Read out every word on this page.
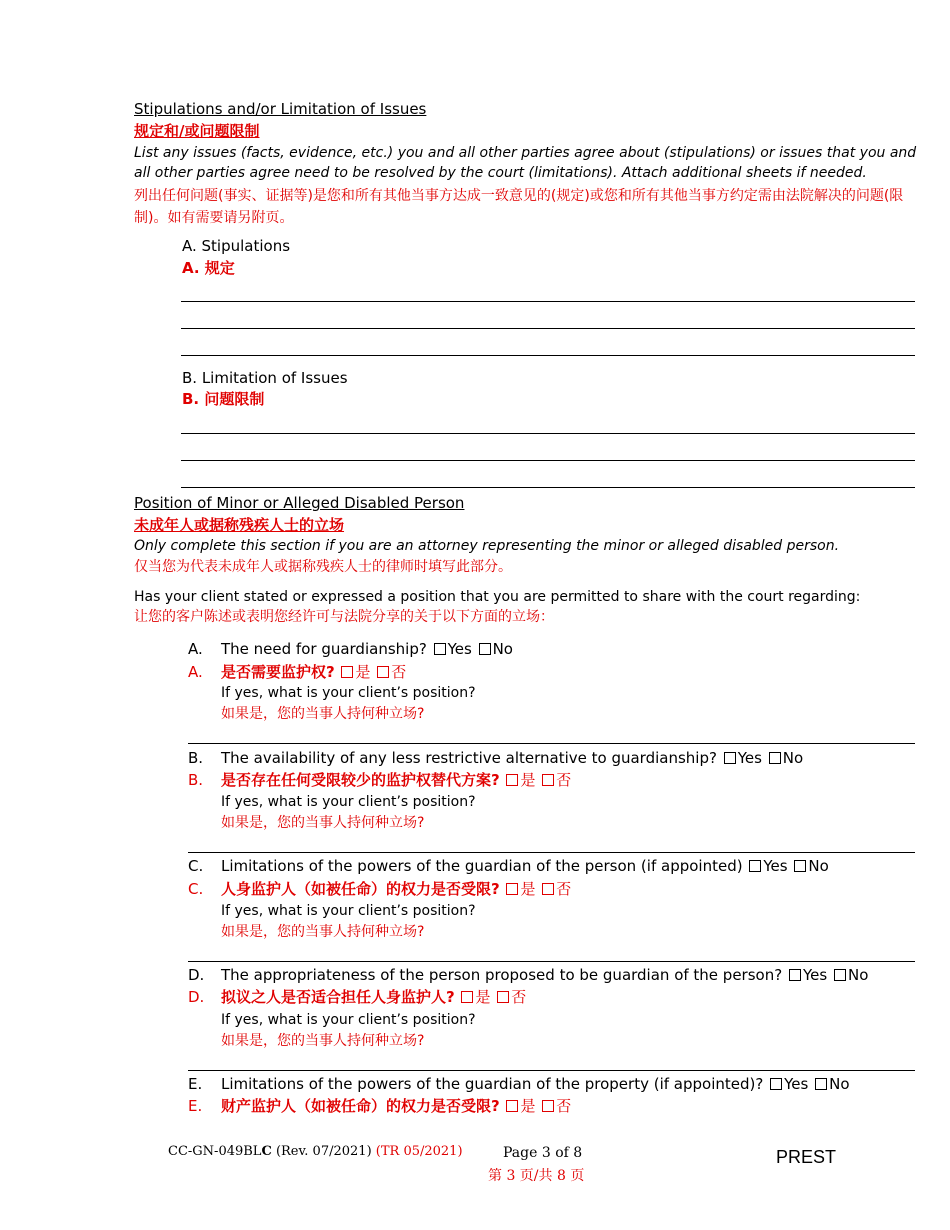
Stipulations and/or Limitation of Issues
规定和/或问题限制
List any issues (facts, evidence, etc.) you and all other parties agree about (stipulations) or issues that you and all other parties agree need to be resolved by the court (limitations). Attach additional sheets if needed.
列出任何问题(事实、证据等)是您和所有其他当事方达成一致意见的(规定)或您和所有其他当事方约定需由法院解决的问题(限制)。如有需要请另附页。
A. Stipulations
A. 规定
B. Limitation of Issues
B. 问题限制
Position of Minor or Alleged Disabled Person
未成年人或据称残疾人士的立场
Only complete this section if you are an attorney representing the minor or alleged disabled person.
仅当您为代表未成年人或据称残疾人士的律师时填写此部分。
Has your client stated or expressed a position that you are permitted to share with the court regarding:
让您的客户陈述或表明您经许可与法院分享的关于以下方面的立场：
A. The need for guardianship? Yes No
A. 是否需要监护权? 是 否
If yes, what is your client’s position?
如果是，您的当事人持何种立场?
B. The availability of any less restrictive alternative to guardianship? Yes No
B. 是否存在任何受限较少的监护权替代方案? 是 否
If yes, what is your client’s position?
如果是，您的当事人持何种立场?
C. Limitations of the powers of the guardian of the person (if appointed) Yes No
C. 人身监护人（如被任命）的权力是否受限? 是 否
If yes, what is your client’s position?
如果是，您的当事人持何种立场?
D. The appropriateness of the person proposed to be guardian of the person? Yes No
D. 拟议之人是否适合担任人身监护人? 是 否
If yes, what is your client’s position?
如果是，您的当事人持何种立场?
E. Limitations of the powers of the guardian of the property (if appointed)? Yes No
E. 财产监护人（如被任命）的权力是否受限? 是 否
CC-GN-049BLC (Rev. 07/2021) (TR 05/2021)	Page 3 of 8
第 3 页/共 8 页
PREST
